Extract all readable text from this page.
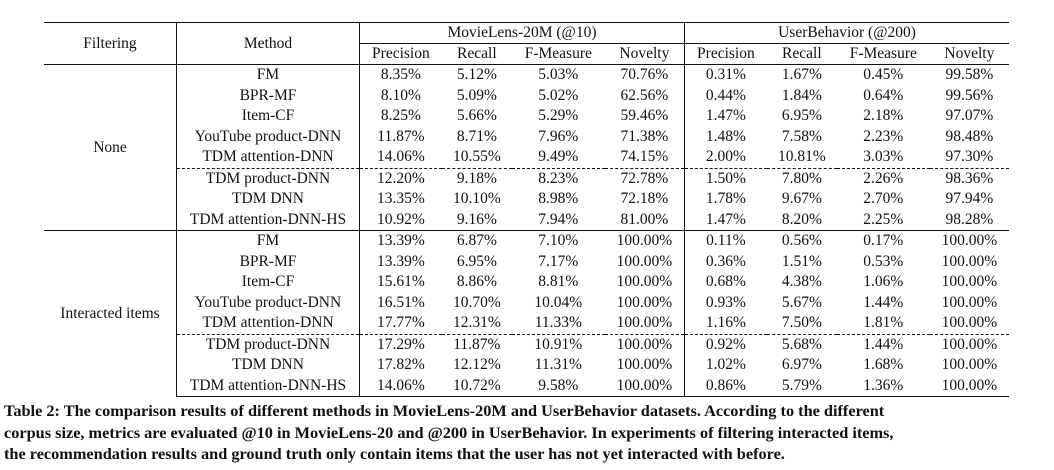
Filtering	Method	MovieLens-20M (@10)				UserBehavior (@200)			
		Precision	Recall	F-Measure	Novelty	Precision	Recall	F-Measure	Novelty
None	FM	8.35%	5.12%	5.03%	70.76%	0.31%	1.67%	0.45%	99.58%
	BPR-MF	8.10%	5.09%	5.02%	62.56%	0.44%	1.84%	0.64%	99.56%
	Item-CF	8.25%	5.66%	5.29%	59.46%	1.47%	6.95%	2.18%	97.07%
	YouTube product-DNN	11.87%	8.71%	7.96%	71.38%	1.48%	7.58%	2.23%	98.48%
	TDM attention-DNN	14.06%	10.55%	9.49%	74.15%	2.00%	10.81%	3.03%	97.30%
	TDM product-DNN	12.20%	9.18%	8.23%	72.78%	1.50%	7.80%	2.26%	98.36%
	TDM DNN	13.35%	10.10%	8.98%	72.18%	1.78%	9.67%	2.70%	97.94%
	TDM attention-DNN-HS	10.92%	9.16%	7.94%	81.00%	1.47%	8.20%	2.25%	98.28%
Interacted items	FM	13.39%	6.87%	7.10%	100.00%	0.11%	0.56%	0.17%	100.00%
	BPR-MF	13.39%	6.95%	7.17%	100.00%	0.36%	1.51%	0.53%	100.00%
	Item-CF	15.61%	8.86%	8.81%	100.00%	0.68%	4.38%	1.06%	100.00%
	YouTube product-DNN	16.51%	10.70%	10.04%	100.00%	0.93%	5.67%	1.44%	100.00%
	TDM attention-DNN	17.77%	12.31%	11.33%	100.00%	1.16%	7.50%	1.81%	100.00%
	TDM product-DNN	17.29%	11.87%	10.91%	100.00%	0.92%	5.68%	1.44%	100.00%
	TDM DNN	17.82%	12.12%	11.31%	100.00%	1.02%	6.97%	1.68%	100.00%
	TDM attention-DNN-HS	14.06%	10.72%	9.58%	100.00%	0.86%	5.79%	1.36%	100.00%
Table 2: The comparison results of different methods in MovieLens-20M and UserBehavior datasets. According to the different
corpus size, metrics are evaluated @10 in MovieLens-20 and @200 in UserBehavior. In experiments of filtering interacted items,
the recommendation results and ground truth only contain items that the user has not yet interacted with before.
